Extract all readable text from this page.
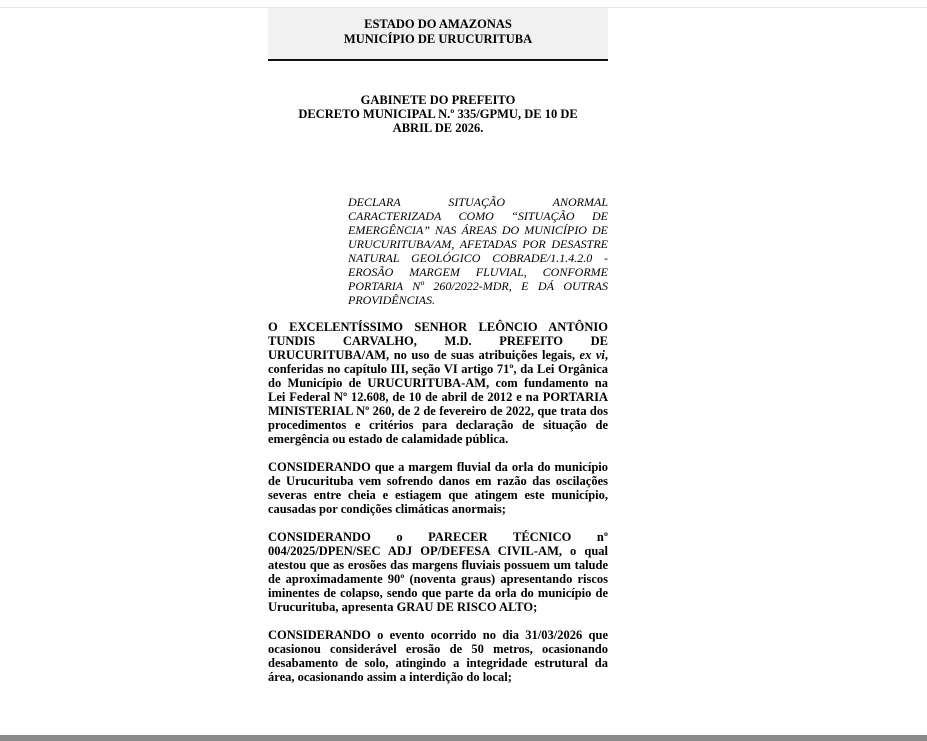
ESTADO DO AMAZONAS
MUNICÍPIO DE URUCURITUBA
GABINETE DO PREFEITO
DECRETO MUNICIPAL N.º 335/GPMU, DE 10 DE
ABRIL DE 2026.
DECLARA SITUAÇÃO ANORMAL CARACTERIZADA COMO “SITUAÇÃO DE EMERGÊNCIA” NAS ÁREAS DO MUNICÍPIO DE URUCURITUBA/AM, AFETADAS POR DESASTRE NATURAL GEOLÓGICO COBRADE/1.1.4.2.0 - EROSÃO MARGEM FLUVIAL, CONFORME PORTARIA Nº 260/2022-MDR, E DÁ OUTRAS PROVIDÊNCIAS.

O EXCELENTÍSSIMO SENHOR LEÔNCIO ANTÔNIO TUNDIS CARVALHO, M.D. PREFEITO DE URUCURITUBA/AM, no uso de suas atribuições legais, ex vi, conferidas no capítulo III, seção VI artigo 71º, da Lei Orgânica do Município de URUCURITUBA-AM, com fundamento na Lei Federal Nº 12.608, de 10 de abril de 2012 e na PORTARIA MINISTERIAL Nº 260, de 2 de fevereiro de 2022, que trata dos procedimentos e critérios para declaração de situação de emergência ou estado de calamidade pública.

CONSIDERANDO que a margem fluvial da orla do município de Urucurituba vem sofrendo danos em razão das oscilações severas entre cheia e estiagem que atingem este município, causadas por condições climáticas anormais;

CONSIDERANDO o PARECER TÉCNICO nº 004/2025/DPEN/SEC ADJ OP/DEFESA CIVIL-AM, o qual atestou que as erosões das margens fluviais possuem um talude de aproximadamente 90º (noventa graus) apresentando riscos iminentes de colapso, sendo que parte da orla do município de Urucurituba, apresenta GRAU DE RISCO ALTO;

CONSIDERANDO o evento ocorrido no dia 31/03/2026 que ocasionou considerável erosão de 50 metros, ocasionando desabamento de solo, atingindo a integridade estrutural da área, ocasionando assim a interdição do local;
